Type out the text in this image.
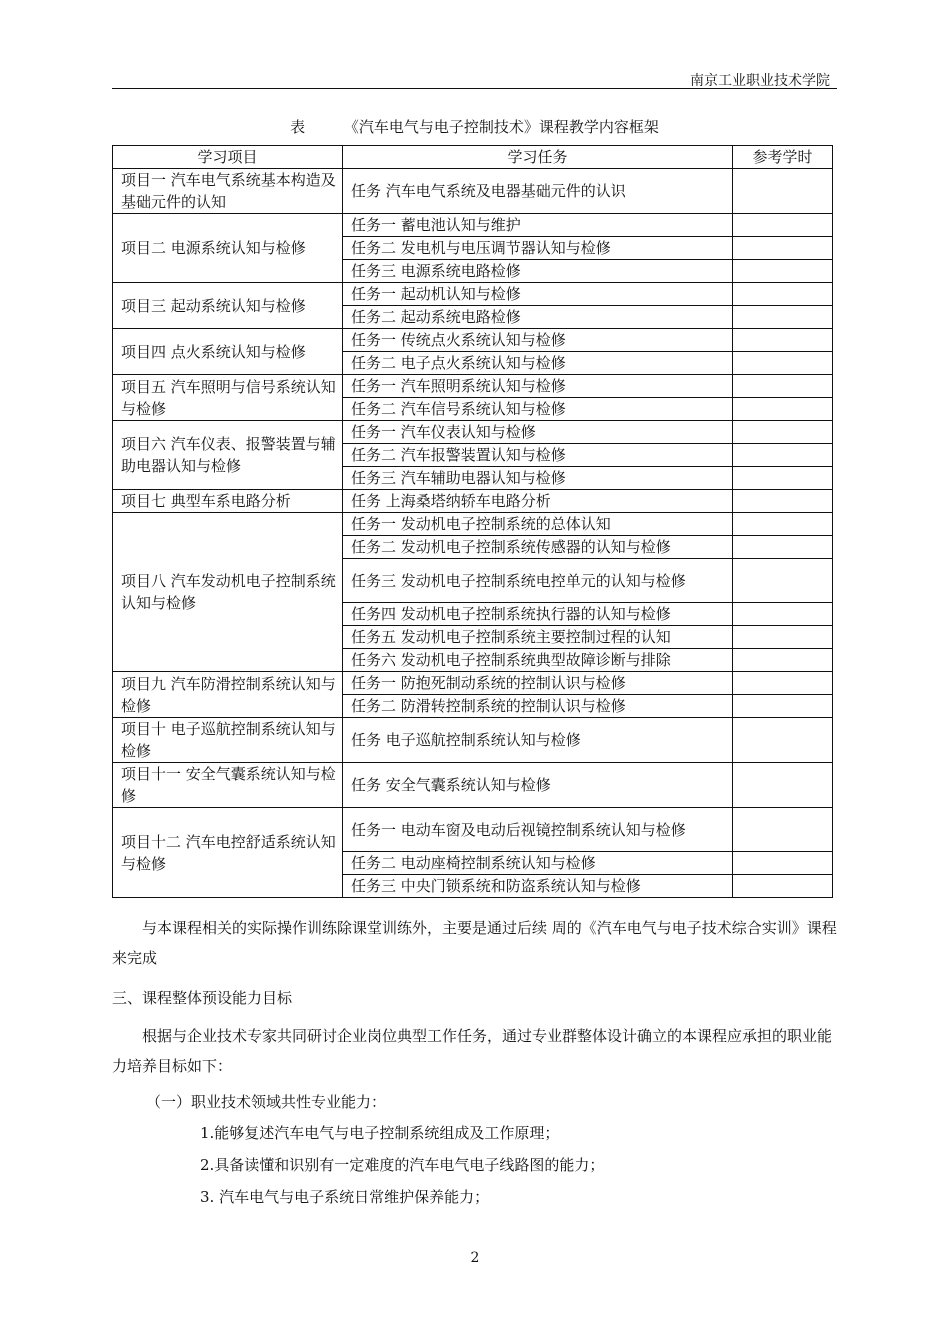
南京工业职业技术学院
表	《汽车电气与电子控制技术》课程教学内容框架
学习项目	学习任务	参考学时
项目一 汽车电气系统基本构造及基础元件的认知	任务 汽车电气系统及电器基础元件的认识	
项目二 电源系统认知与检修	任务一 蓄电池认知与维护	
	任务二 发电机与电压调节器认知与检修	
	任务三 电源系统电路检修	
项目三 起动系统认知与检修	任务一 起动机认知与检修	
	任务二 起动系统电路检修	
项目四 点火系统认知与检修	任务一 传统点火系统认知与检修	
	任务二 电子点火系统认知与检修	
项目五 汽车照明与信号系统认知与检修	任务一 汽车照明系统认知与检修	
	任务二 汽车信号系统认知与检修	
项目六 汽车仪表、报警装置与辅助电器认知与检修	任务一 汽车仪表认知与检修	
	任务二 汽车报警装置认知与检修	
	任务三 汽车辅助电器认知与检修	
项目七 典型车系电路分析	任务 上海桑塔纳轿车电路分析	
项目八 汽车发动机电子控制系统认知与检修	任务一 发动机电子控制系统的总体认知	
	任务二 发动机电子控制系统传感器的认知与检修	
	任务三 发动机电子控制系统电控单元的认知与检修	
	任务四 发动机电子控制系统执行器的认知与检修	
	任务五 发动机电子控制系统主要控制过程的认知	
	任务六 发动机电子控制系统典型故障诊断与排除	
项目九 汽车防滑控制系统认知与检修	任务一 防抱死制动系统的控制认识与检修	
	任务二 防滑转控制系统的控制认识与检修	
项目十 电子巡航控制系统认知与检修	任务 电子巡航控制系统认知与检修	
项目十一 安全气囊系统认知与检修	任务 安全气囊系统认知与检修	
项目十二 汽车电控舒适系统认知与检修	任务一 电动车窗及电动后视镜控制系统认知与检修	
	任务二 电动座椅控制系统认知与检修	
	任务三 中央门锁系统和防盗系统认知与检修	
与本课程相关的实际操作训练除课堂训练外，主要是通过后续 周的《汽车电气与电子技术综合实训》课程来完成
三、课程整体预设能力目标
根据与企业技术专家共同研讨企业岗位典型工作任务，通过专业群整体设计确立的本课程应承担的职业能力培养目标如下：
（一）职业技术领域共性专业能力：
1.能够复述汽车电气与电子控制系统组成及工作原理；
2.具备读懂和识别有一定难度的汽车电气电子线路图的能力；
3. 汽车电气与电子系统日常维护保养能力；
2
